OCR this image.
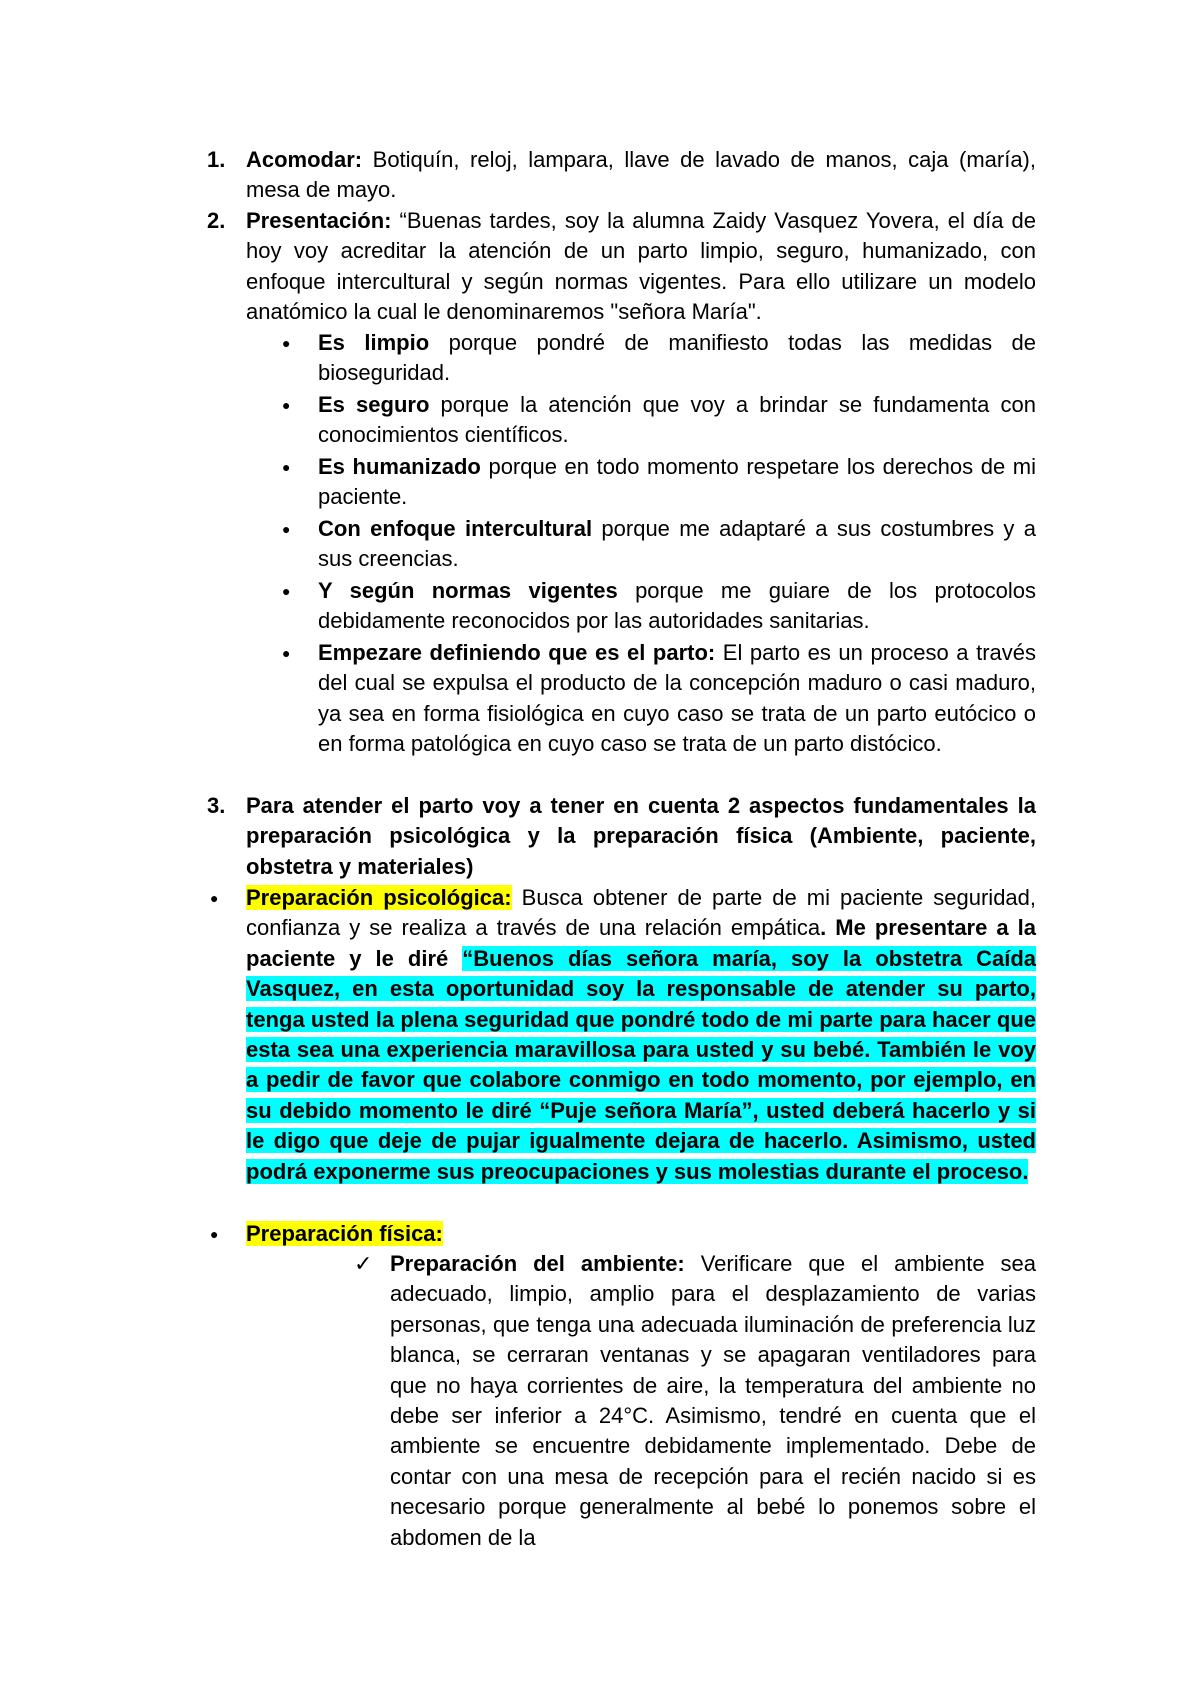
1. Acomodar: Botiquín, reloj, lampara, llave de lavado de manos, caja (maría), mesa de mayo.
2. Presentación: “Buenas tardes, soy la alumna Zaidy Vasquez Yovera, el día de hoy voy acreditar la atención de un parto limpio, seguro, humanizado, con enfoque intercultural y según normas vigentes. Para ello utilizare un modelo anatómico la cual le denominaremos "señora María".
● Es limpio porque pondré de manifiesto todas las medidas de bioseguridad.
● Es seguro porque la atención que voy a brindar se fundamenta con conocimientos científicos.
● Es humanizado porque en todo momento respetare los derechos de mi paciente.
● Con enfoque intercultural porque me adaptaré a sus costumbres y a sus creencias.
● Y según normas vigentes porque me guiare de los protocolos debidamente reconocidos por las autoridades sanitarias.
● Empezare definiendo que es el parto: El parto es un proceso a través del cual se expulsa el producto de la concepción maduro o casi maduro, ya sea en forma fisiológica en cuyo caso se trata de un parto eutócico o en forma patológica en cuyo caso se trata de un parto distócico.
3. Para atender el parto voy a tener en cuenta 2 aspectos fundamentales la preparación psicológica y la preparación física (Ambiente, paciente, obstetra y materiales)
● Preparación psicológica: Busca obtener de parte de mi paciente seguridad, confianza y se realiza a través de una relación empática. Me presentare a la paciente y le diré “Buenos días señora maría, soy la obstetra Caída Vasquez, en esta oportunidad soy la responsable de atender su parto, tenga usted la plena seguridad que pondré todo de mi parte para hacer que esta sea una experiencia maravillosa para usted y su bebé. También le voy a pedir de favor que colabore conmigo en todo momento, por ejemplo, en su debido momento le diré “Puje señora María”, usted deberá hacerlo y si le digo que deje de pujar igualmente dejara de hacerlo. Asimismo, usted podrá exponerme sus preocupaciones y sus molestias durante el proceso.
● Preparación física:
✓ Preparación del ambiente: Verificare que el ambiente sea adecuado, limpio, amplio para el desplazamiento de varias personas, que tenga una adecuada iluminación de preferencia luz blanca, se cerraran ventanas y se apagaran ventiladores para que no haya corrientes de aire, la temperatura del ambiente no debe ser inferior a 24°C. Asimismo, tendré en cuenta que el ambiente se encuentre debidamente implementado. Debe de contar con una mesa de recepción para el recién nacido si es necesario porque generalmente al bebé lo ponemos sobre el abdomen de la
